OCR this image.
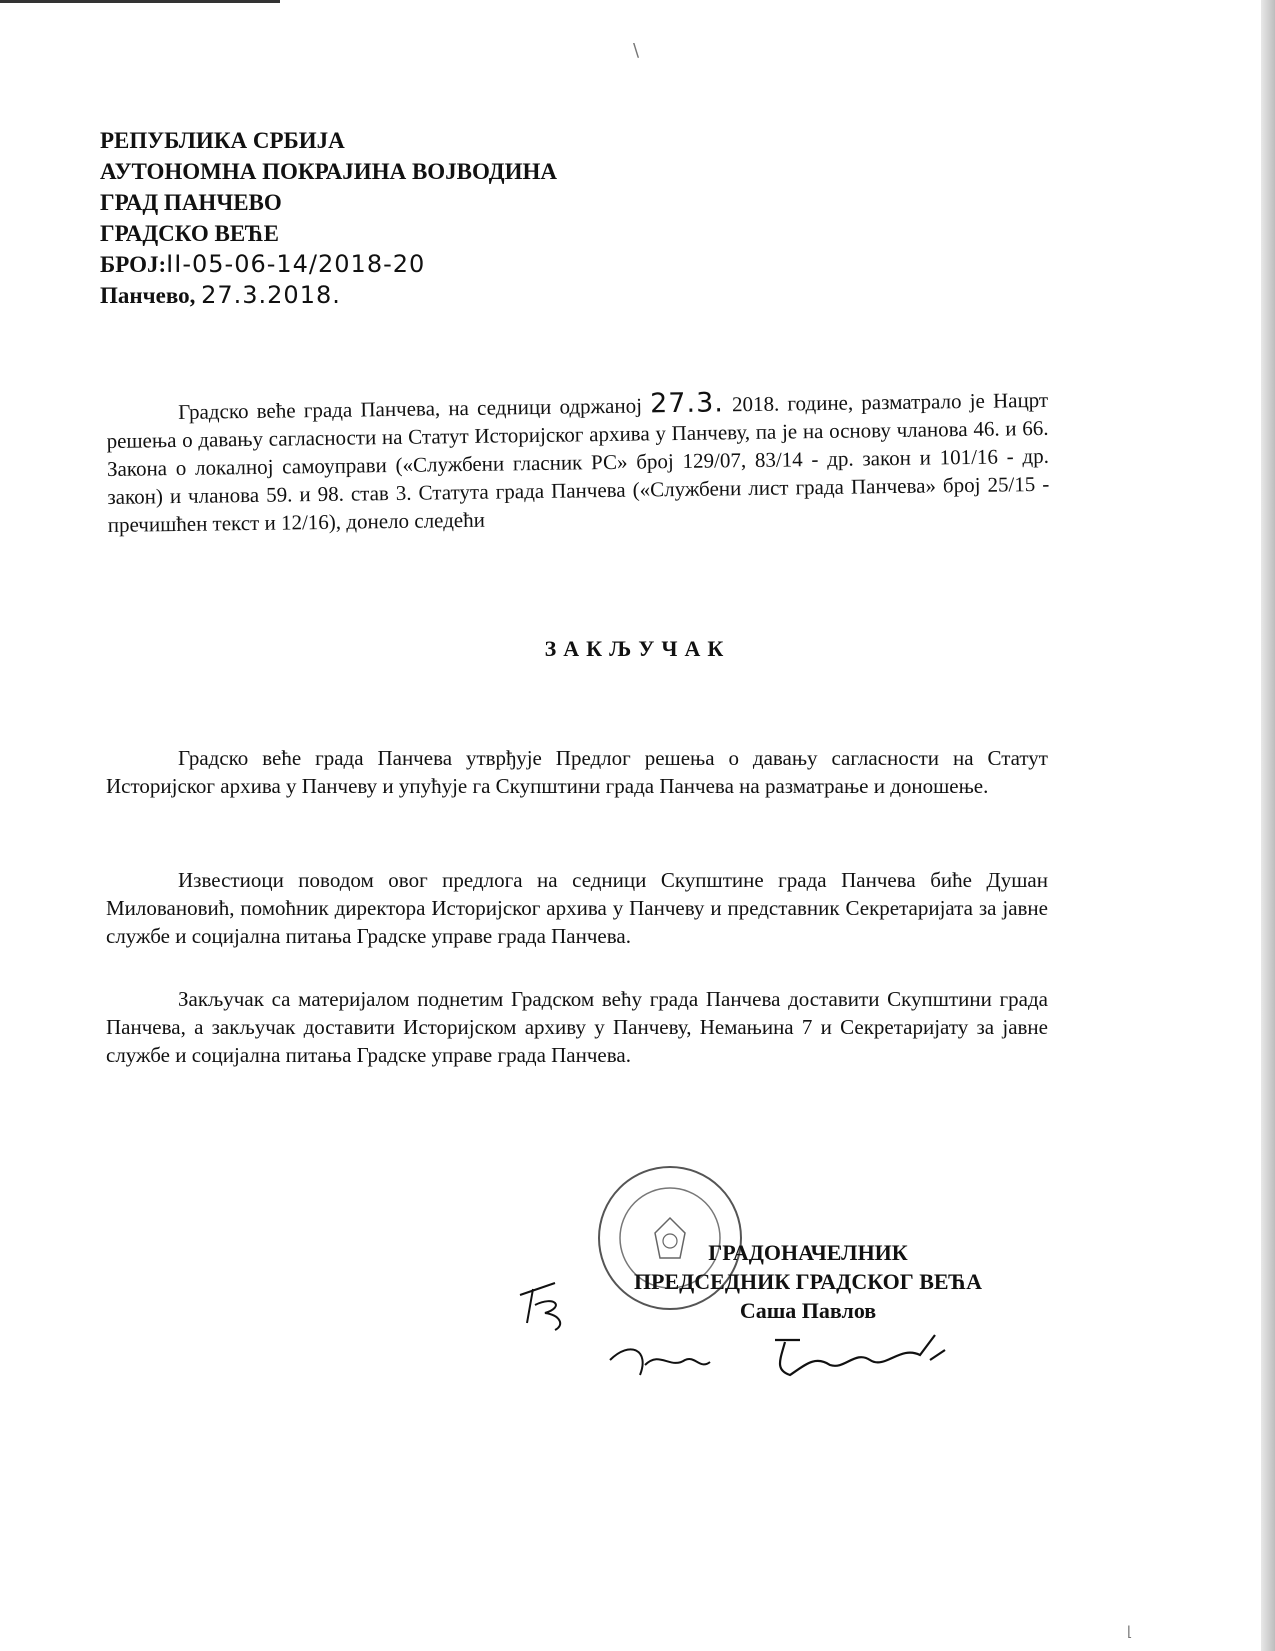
РЕПУБЛИКА СРБИЈА
АУТОНОМНА ПОКРАЈИНА ВОЈВОДИНА
ГРАД ПАНЧЕВО
ГРАДСКО ВЕЋЕ
БРОЈ:II-05-06-14/2018-20
Панчево, 27.3.2018.
Градско веће града Панчева, на седници одржаној 27.3. 2018. године, разматрало је Нацрт решења о давању сагласности на Статут Историјског архива у Панчеву, па је на основу чланова 46. и 66. Закона о локалној самоуправи («Службени гласник РС» број 129/07, 83/14 - др. закон и 101/16 - др. закон) и чланова 59. и 98. став 3. Статута града Панчева («Службени лист града Панчева» број 25/15 - пречишћен текст и 12/16), донело следећи
ЗАКЉУЧАК
Градско веће града Панчева утврђује Предлог решења о давању сагласности на Статут Историјског архива у Панчеву и упућује га Скупштини града Панчева на разматрање и доношење.
Известиоци поводом овог предлога на седници Скупштине града Панчева биће Душан Миловановић, помоћник директора Историјског архива у Панчеву и представник Секретаријата за јавне службе и социјална питања Градске управе града Панчева.
Закључак са материјалом поднетим Градском већу града Панчева доставити Скупштини града Панчева, а закључак доставити Историјском архиву у Панчеву, Немањина 7 и Секретаријату за јавне службе и социјална питања Градске управе града Панчева.
ГРАДОНАЧЕЛНИК
ПРЕДСЕДНИК ГРАДСКОГ ВЕЋА
Саша Павлов
\
⌊
